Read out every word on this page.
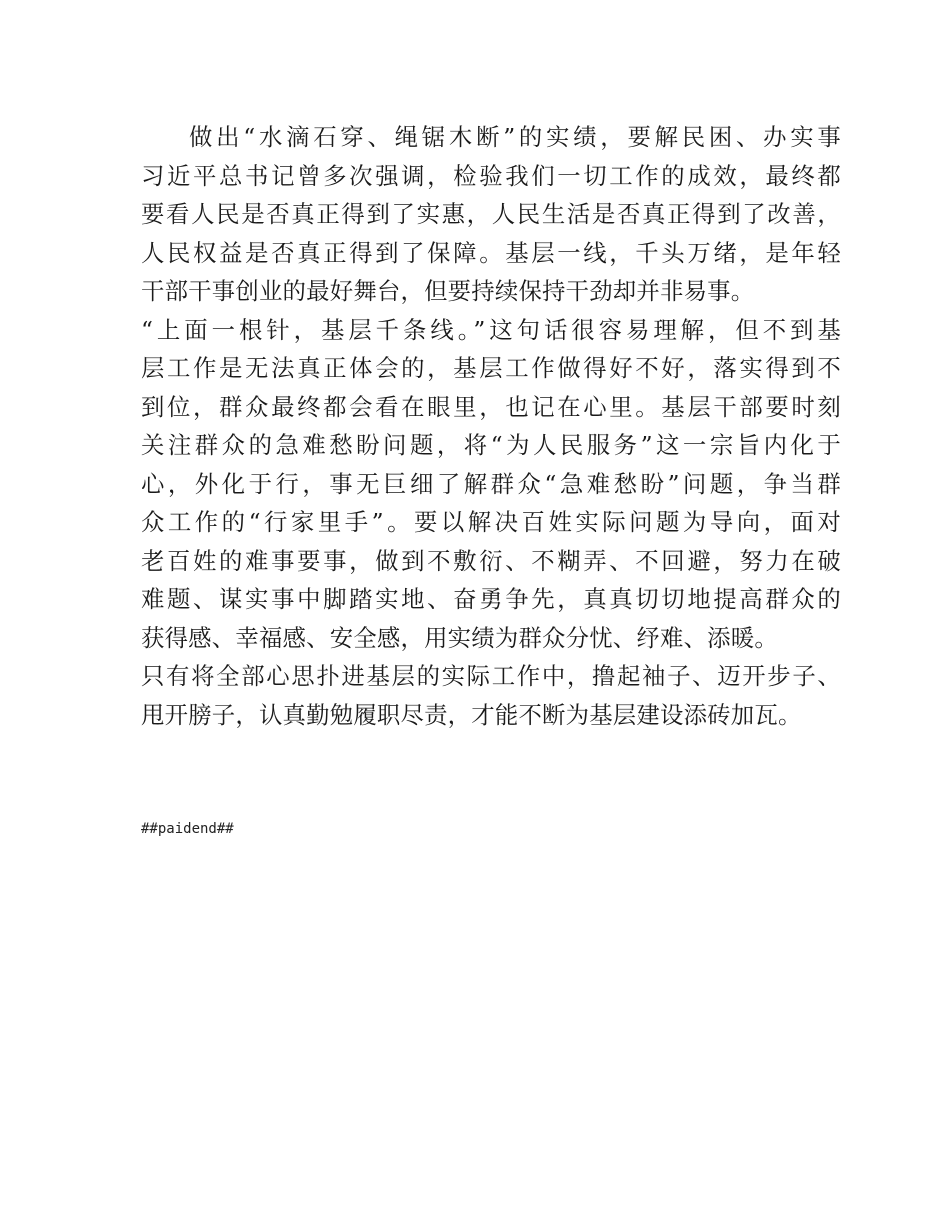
做出“水滴石穿、绳锯木断”的实绩，要解民困、办实事
习近平总书记曾多次强调，检验我们一切工作的成效，最终都
要看人民是否真正得到了实惠，人民生活是否真正得到了改善，
人民权益是否真正得到了保障。基层一线，千头万绪，是年轻
干部干事创业的最好舞台，但要持续保持干劲却并非易事。
“上面一根针，基层千条线。”这句话很容易理解，但不到基
层工作是无法真正体会的，基层工作做得好不好，落实得到不
到位，群众最终都会看在眼里，也记在心里。基层干部要时刻
关注群众的急难愁盼问题，将“为人民服务”这一宗旨内化于
心，外化于行，事无巨细了解群众“急难愁盼”问题，争当群
众工作的“行家里手”。要以解决百姓实际问题为导向，面对
老百姓的难事要事，做到不敷衍、不糊弄、不回避，努力在破
难题、谋实事中脚踏实地、奋勇争先，真真切切地提高群众的
获得感、幸福感、安全感，用实绩为群众分忧、纾难、添暖。
只有将全部心思扑进基层的实际工作中，撸起袖子、迈开步子、
甩开膀子，认真勤勉履职尽责，才能不断为基层建设添砖加瓦。
##paidend##
